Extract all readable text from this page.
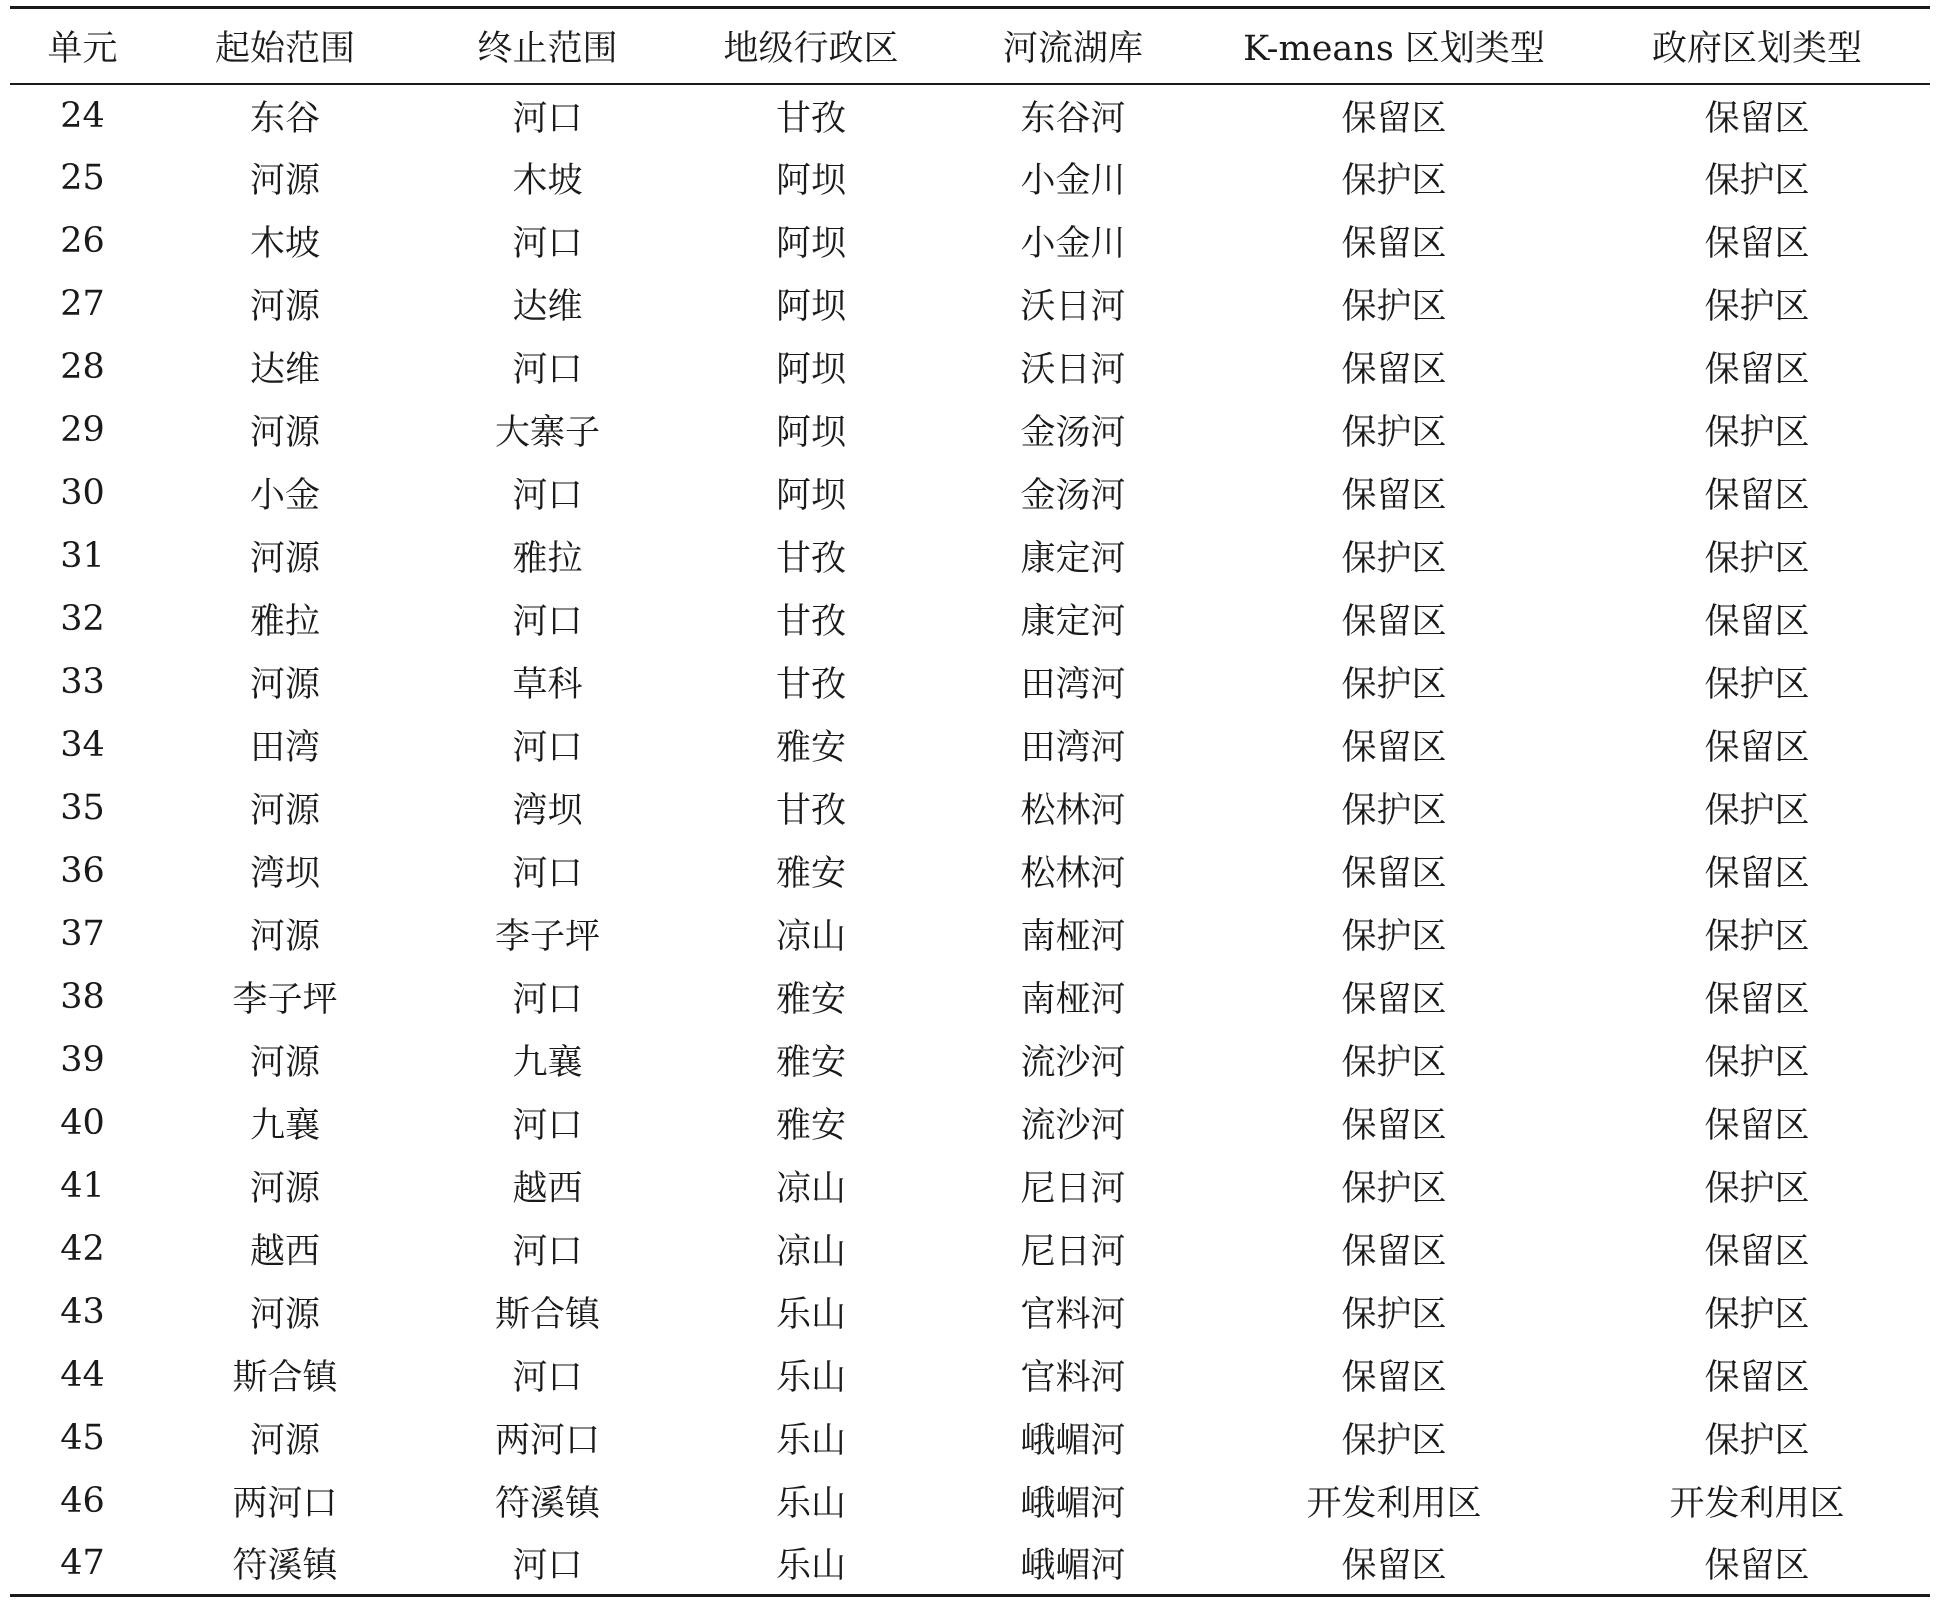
单元	起始范围	终止范围	地级行政区	河流湖库	K-means 区划类型	政府区划类型
24	东谷	河口	甘孜	东谷河	保留区	保留区
25	河源	木坡	阿坝	小金川	保护区	保护区
26	木坡	河口	阿坝	小金川	保留区	保留区
27	河源	达维	阿坝	沃日河	保护区	保护区
28	达维	河口	阿坝	沃日河	保留区	保留区
29	河源	大寨子	阿坝	金汤河	保护区	保护区
30	小金	河口	阿坝	金汤河	保留区	保留区
31	河源	雅拉	甘孜	康定河	保护区	保护区
32	雅拉	河口	甘孜	康定河	保留区	保留区
33	河源	草科	甘孜	田湾河	保护区	保护区
34	田湾	河口	雅安	田湾河	保留区	保留区
35	河源	湾坝	甘孜	松林河	保护区	保护区
36	湾坝	河口	雅安	松林河	保留区	保留区
37	河源	李子坪	凉山	南桠河	保护区	保护区
38	李子坪	河口	雅安	南桠河	保留区	保留区
39	河源	九襄	雅安	流沙河	保护区	保护区
40	九襄	河口	雅安	流沙河	保留区	保留区
41	河源	越西	凉山	尼日河	保护区	保护区
42	越西	河口	凉山	尼日河	保留区	保留区
43	河源	斯合镇	乐山	官料河	保护区	保护区
44	斯合镇	河口	乐山	官料河	保留区	保留区
45	河源	两河口	乐山	峨嵋河	保护区	保护区
46	两河口	符溪镇	乐山	峨嵋河	开发利用区	开发利用区
47	符溪镇	河口	乐山	峨嵋河	保留区	保留区
